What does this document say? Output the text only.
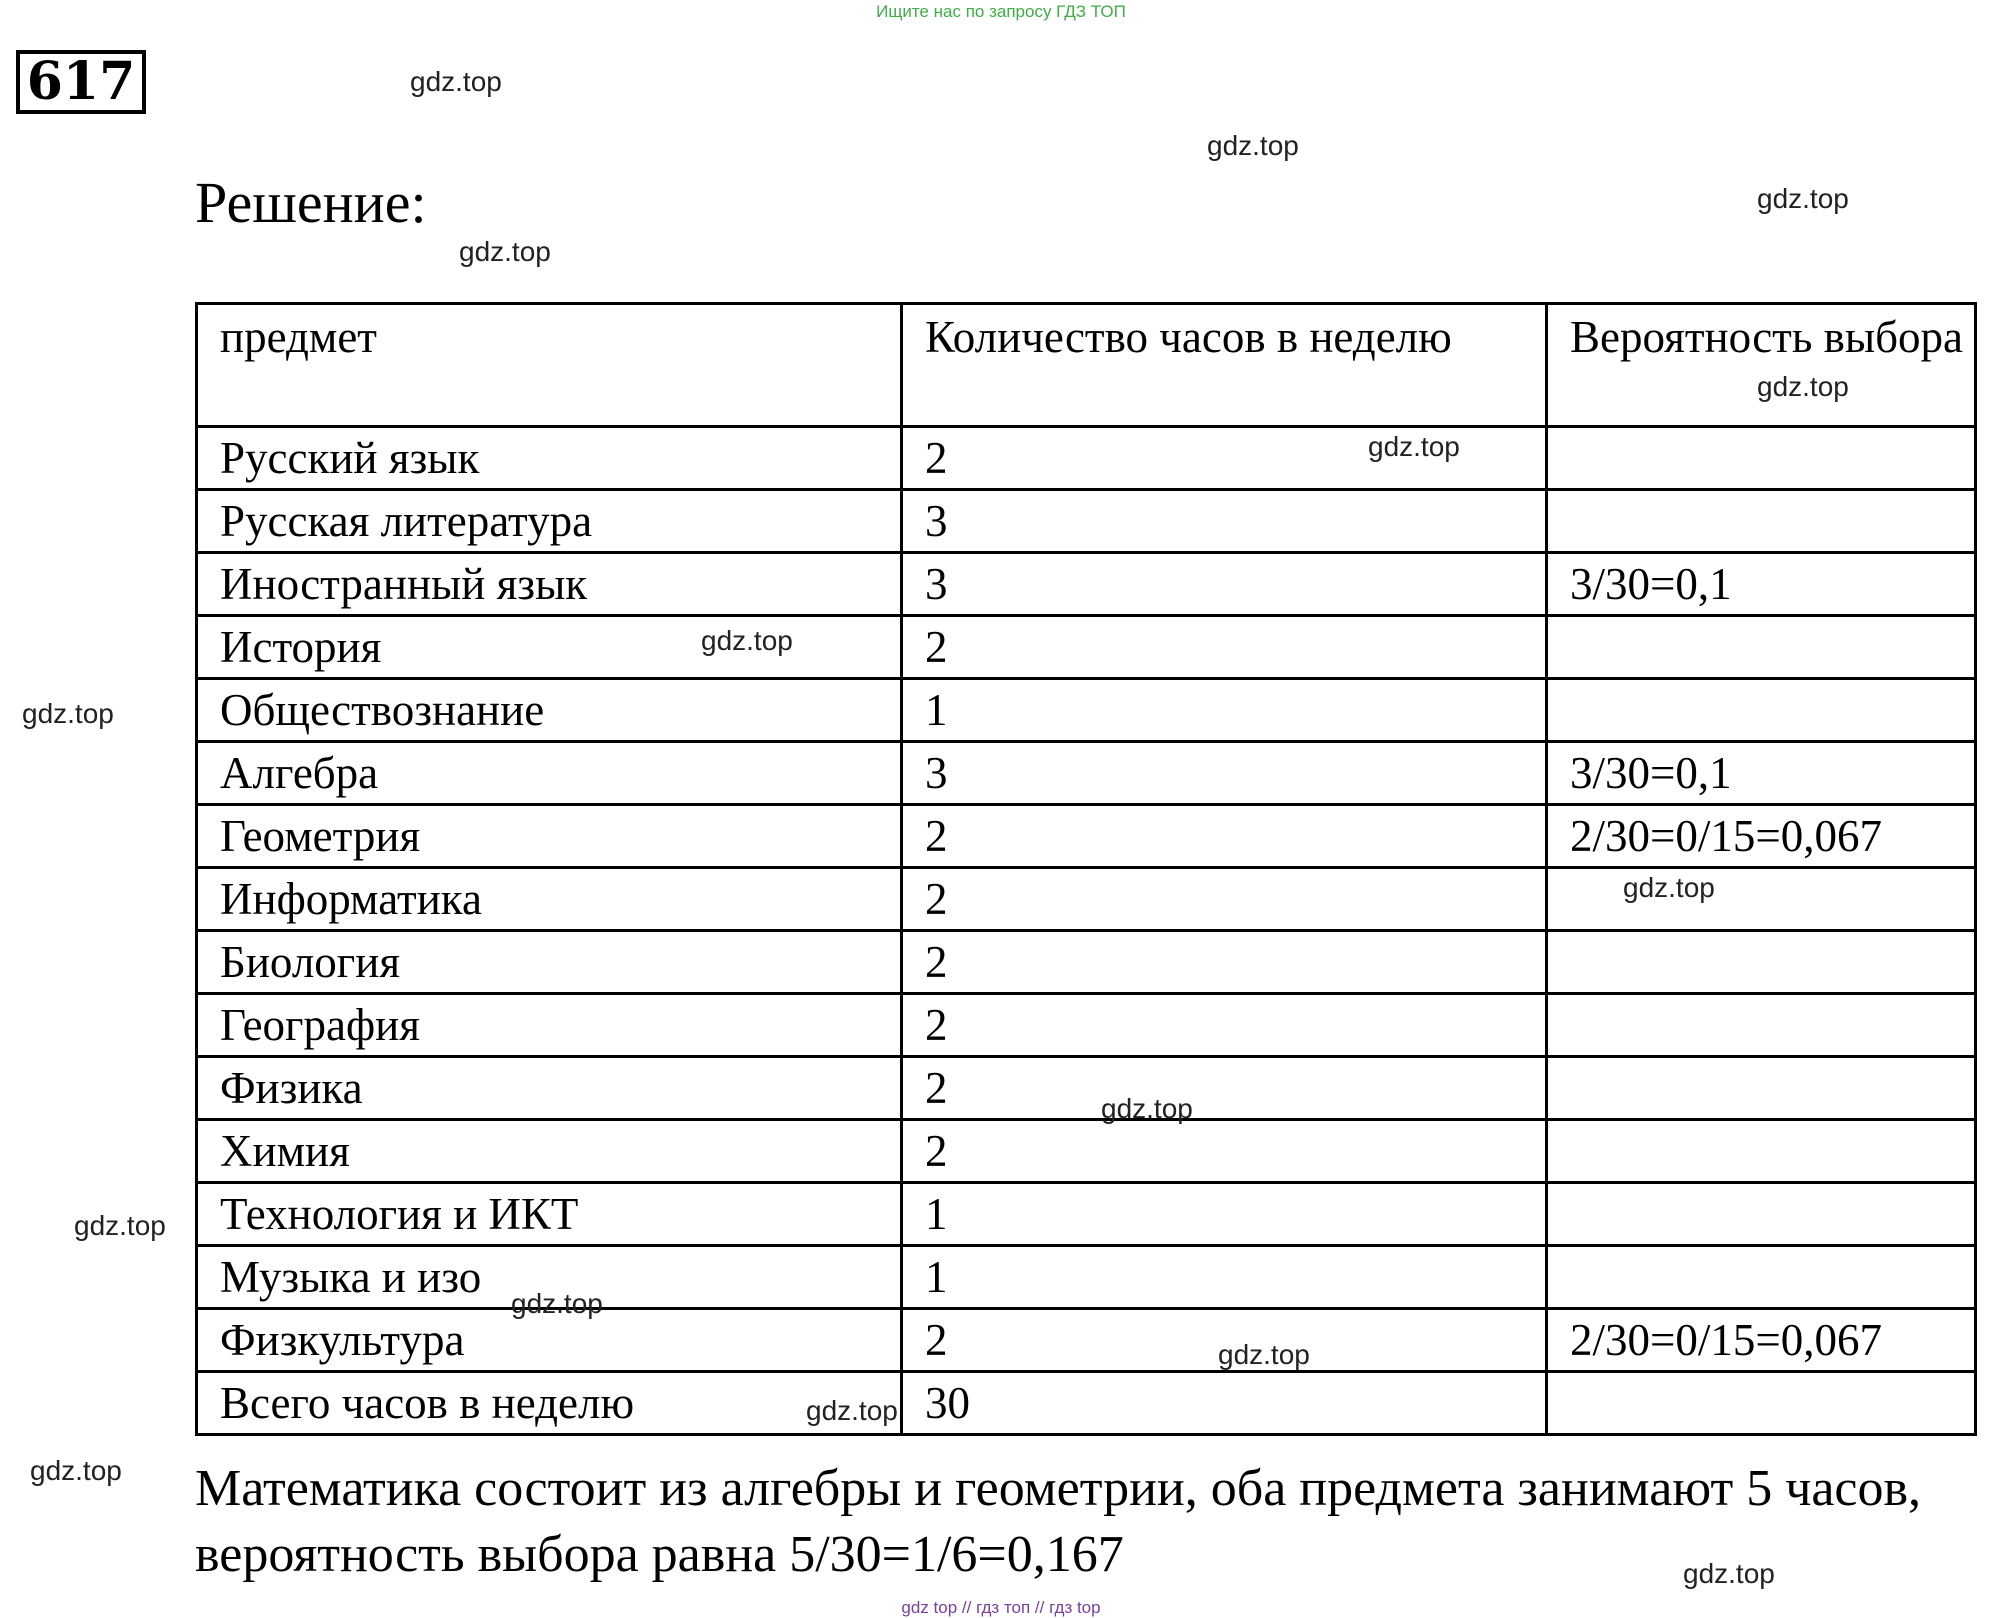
Ищите нас по запросу ГДЗ ТОП
617
Решение:
предмет	Количество часов в неделю	Вероятность выбора
Русский язык	2	
Русская литература	3	
Иностранный язык	3	3/30=0,1
История	2	
Обществознание	1	
Алгебра	3	3/30=0,1
Геометрия	2	2/30=0/15=0,067
Информатика	2	
Биология	2	
География	2	
Физика	2	
Химия	2	
Технология и ИКТ	1	
Музыка и изо	1	
Физкультура	2	2/30=0/15=0,067
Всего часов в неделю	30	
Математика состоит из алгебры и геометрии, оба предмета занимают 5 часов, вероятность выбора равна 5/30=1/6=0,167
gdz.top
gdz.top
gdz.top
gdz.top
gdz.top
gdz.top
gdz.top
gdz.top
gdz.top
gdz.top
gdz.top
gdz.top
gdz.top
gdz.top
gdz.top
gdz.top
gdz top // гдз топ // гдз top
